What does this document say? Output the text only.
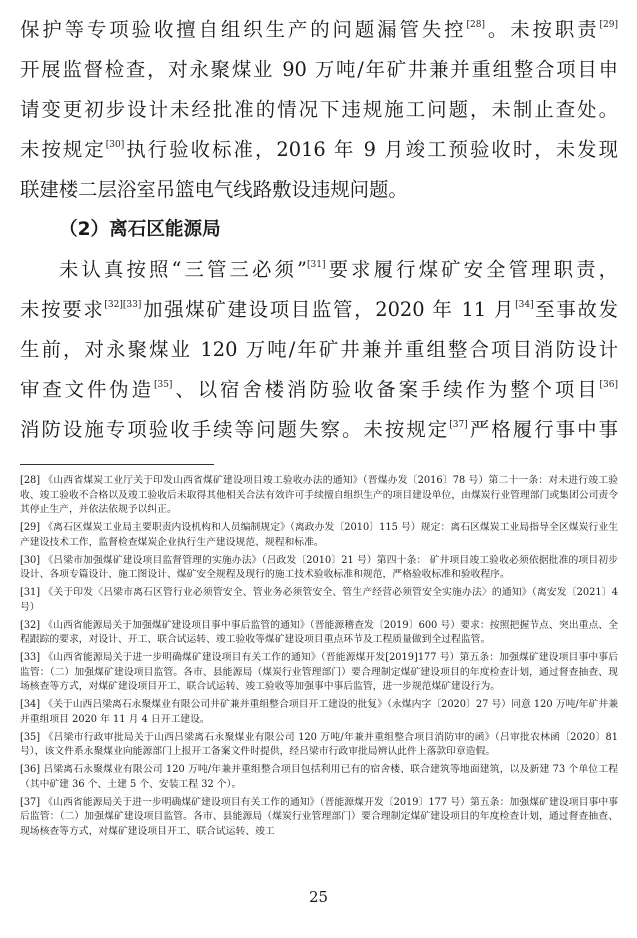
保护等专项验收擅自组织生产的问题漏管失控[28]。未按职责[29]
开展监督检查，对永聚煤业 90 万吨/年矿井兼并重组整合项目申
请变更初步设计未经批准的情况下违规施工问题，未制止查处。
未按规定[30]执行验收标准，2016 年 9 月竣工预验收时，未发现
联建楼二层浴室吊篮电气线路敷设违规问题。
（2）离石区能源局
未认真按照“三管三必须”[31]要求履行煤矿安全管理职责，
未按要求[32][33]加强煤矿建设项目监管，2020 年 11 月[34]至事故发
生前，对永聚煤业 120 万吨/年矿井兼并重组整合项目消防设计
审查文件伪造[35]、以宿舍楼消防验收备案手续作为整个项目[36]
消防设施专项验收手续等问题失察。未按规定[37]严格履行事中事
[28] 《山西省煤炭工业厅关于印发山西省煤矿建设项目竣工验收办法的通知》（晋煤办发〔2016〕78 号）第二十一条：对未进行竣工验收、竣工验收不合格以及竣工验收后未取得其他相关合法有效许可手续擅自组织生产的项目建设单位，由煤炭行业管理部门或集团公司责令其停止生产，并依法依规予以纠正。
[29] 《离石区煤炭工业局主要职责内设机构和人员编制规定》（离政办发〔2010〕115 号）规定：离石区煤炭工业局指导全区煤炭行业生产建设技术工作，监督检查煤炭企业执行生产建设规范、规程和标准。
[30] 《吕梁市加强煤矿建设项目监督管理的实施办法》（吕政发〔2010〕21 号）第四十条： 矿井项目竣工验收必须依据批准的项目初步设计、各项专篇设计、施工图设计、煤矿安全规程及现行的施工技术验收标准和规范，严格验收标准和验收程序。
[31] 《关于印发〈吕梁市离石区管行业必须管安全、管业务必须管安全、管生产经营必须管安全实施办法〉的通知》（离安发〔2021〕4 号）
[32] 《山西省能源局关于加强煤矿建设项目事中事后监管的通知》（晋能源稽查发〔2019〕600 号）要求：按照把握节点、突出重点、全程跟踪的要求，对设计、开工、联合试运转、竣工验收等煤矿建设项目重点环节及工程质量做到全过程监管。
[33] 《山西省能源局关于进一步明确煤矿建设项目有关工作的通知》（晋能源煤开发[2019]177 号）第五条：加强煤矿建设项目事中事后监管：（二）加强煤矿建设项目监管。各市、县能源局（煤炭行业管理部门）要合理制定煤矿建设项目的年度检查计划，通过督查抽查、现场核查等方式，对煤矿建设项目开工、联合试运转、竣工验收等加强事中事后监管，进一步规范煤矿建设行为。
[34] 《关于山西吕梁离石永聚煤业有限公司井矿兼并重组整合项目开工建设的批复》（永煤内字〔2020〕27 号）同意 120 万吨/年矿井兼并重组项目 2020 年 11 月 4 日开工建设。
[35] 《吕梁市行政审批局关于山西吕梁离石永聚煤业有限公司 120 万吨/年兼并重组整合项目消防审的函》（吕审批农林函〔2020〕81 号），该文件系永聚煤业向能源部门上报开工备案文件时提供，经吕梁市行政审批局辨认此件上落款印章造假。
[36] 吕梁离石永聚煤业有限公司 120 万吨/年兼并重组整合项目包括利用已有的宿舍楼、联合建筑等地面建筑，以及新建 73 个单位工程（其中矿建 36 个、土建 5 个、安装工程 32 个）。
[37] 《山西省能源局关于进一步明确煤矿建设项目有关工作的通知》（晋能源煤开发〔2019〕177 号）第五条：加强煤矿建设项目事中事后监管：（二）加强煤矿建设项目监管。各市、县能源局（煤炭行业管理部门）要合理制定煤矿建设项目的年度检查计划，通过督查抽查、现场核查等方式，对煤矿建设项目开工、联合试运转、竣工
25
